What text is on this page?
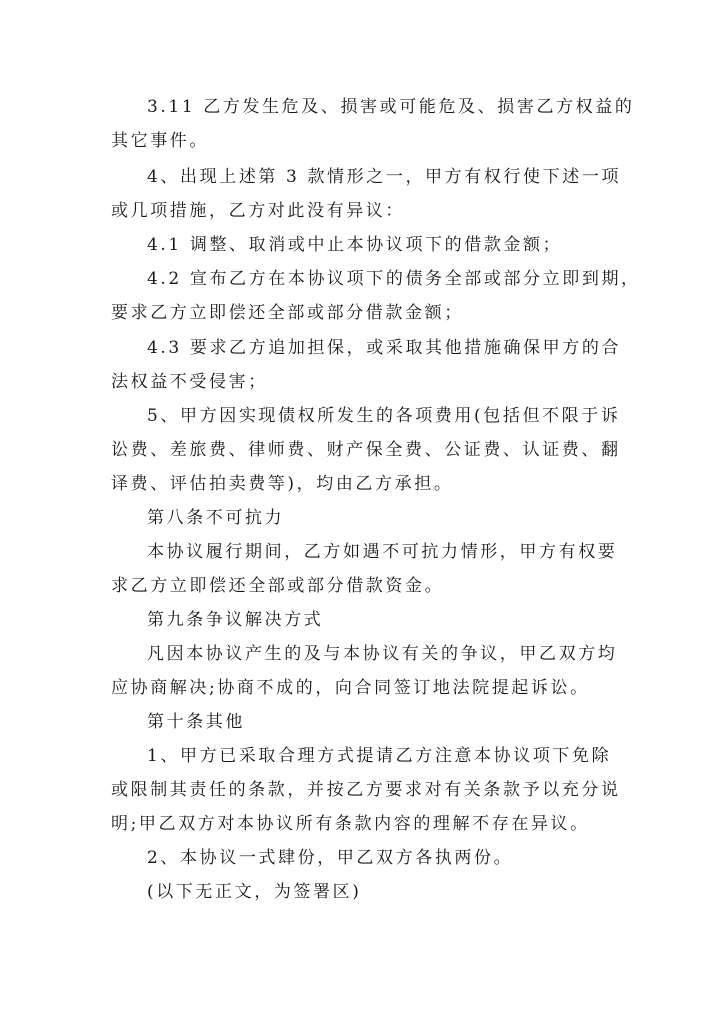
3.11 乙方发生危及、损害或可能危及、损害乙方权益的
其它事件。
4、出现上述第 3 款情形之一，甲方有权行使下述一项
或几项措施，乙方对此没有异议：
4.1 调整、取消或中止本协议项下的借款金额；
4.2 宣布乙方在本协议项下的债务全部或部分立即到期，
要求乙方立即偿还全部或部分借款金额；
4.3 要求乙方追加担保，或采取其他措施确保甲方的合
法权益不受侵害；
5、甲方因实现债权所发生的各项费用(包括但不限于诉
讼费、差旅费、律师费、财产保全费、公证费、认证费、翻
译费、评估拍卖费等)，均由乙方承担。
第八条不可抗力
本协议履行期间，乙方如遇不可抗力情形，甲方有权要
求乙方立即偿还全部或部分借款资金。
第九条争议解决方式
凡因本协议产生的及与本协议有关的争议，甲乙双方均
应协商解决;协商不成的，向合同签订地法院提起诉讼。
第十条其他
1、甲方已采取合理方式提请乙方注意本协议项下免除
或限制其责任的条款，并按乙方要求对有关条款予以充分说
明;甲乙双方对本协议所有条款内容的理解不存在异议。
2、本协议一式肆份，甲乙双方各执两份。
(以下无正文，为签署区)
